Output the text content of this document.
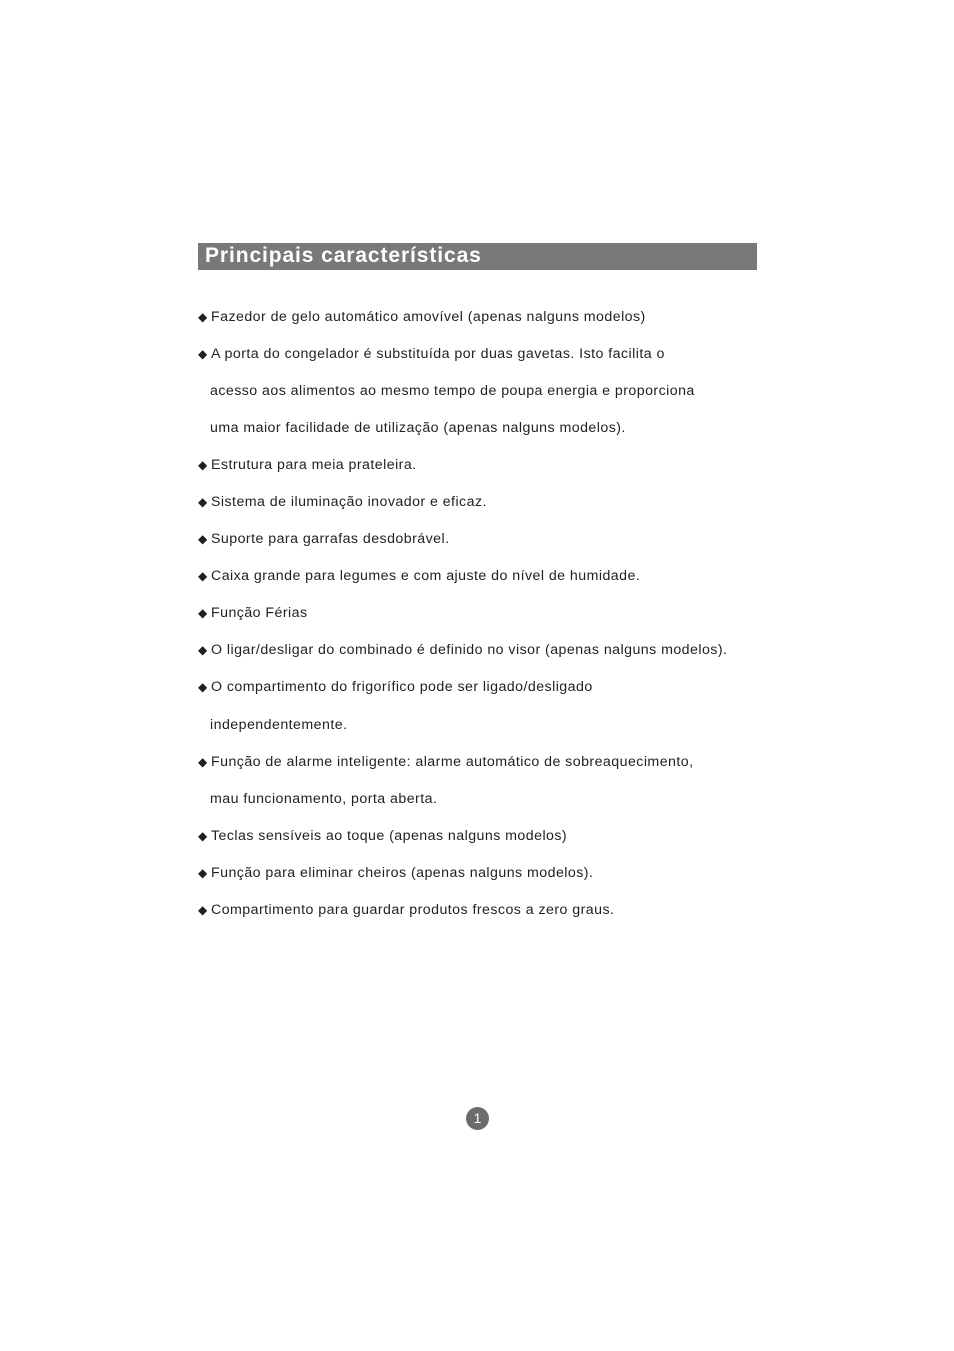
Principais características
◆ Fazedor de gelo automático amovível (apenas nalguns modelos)
◆ A porta do congelador é substituída por duas gavetas. Isto facilita o
acesso aos alimentos ao mesmo tempo de poupa energia e proporciona
uma maior facilidade de utilização (apenas nalguns modelos).
◆ Estrutura para meia prateleira.
◆ Sistema de iluminação inovador e eficaz.
◆ Suporte para garrafas desdobrável.
◆ Caixa grande para legumes e com ajuste do nível de humidade.
◆ Função Férias
◆ O ligar/desligar do combinado é definido no visor (apenas nalguns modelos).
◆ O compartimento do frigorífico pode ser ligado/desligado
independentemente.
◆ Função de alarme inteligente: alarme automático de sobreaquecimento,
mau funcionamento, porta aberta.
◆ Teclas sensíveis ao toque (apenas nalguns modelos)
◆ Função para eliminar cheiros (apenas nalguns modelos).
◆ Compartimento para guardar produtos frescos a zero graus.
1
